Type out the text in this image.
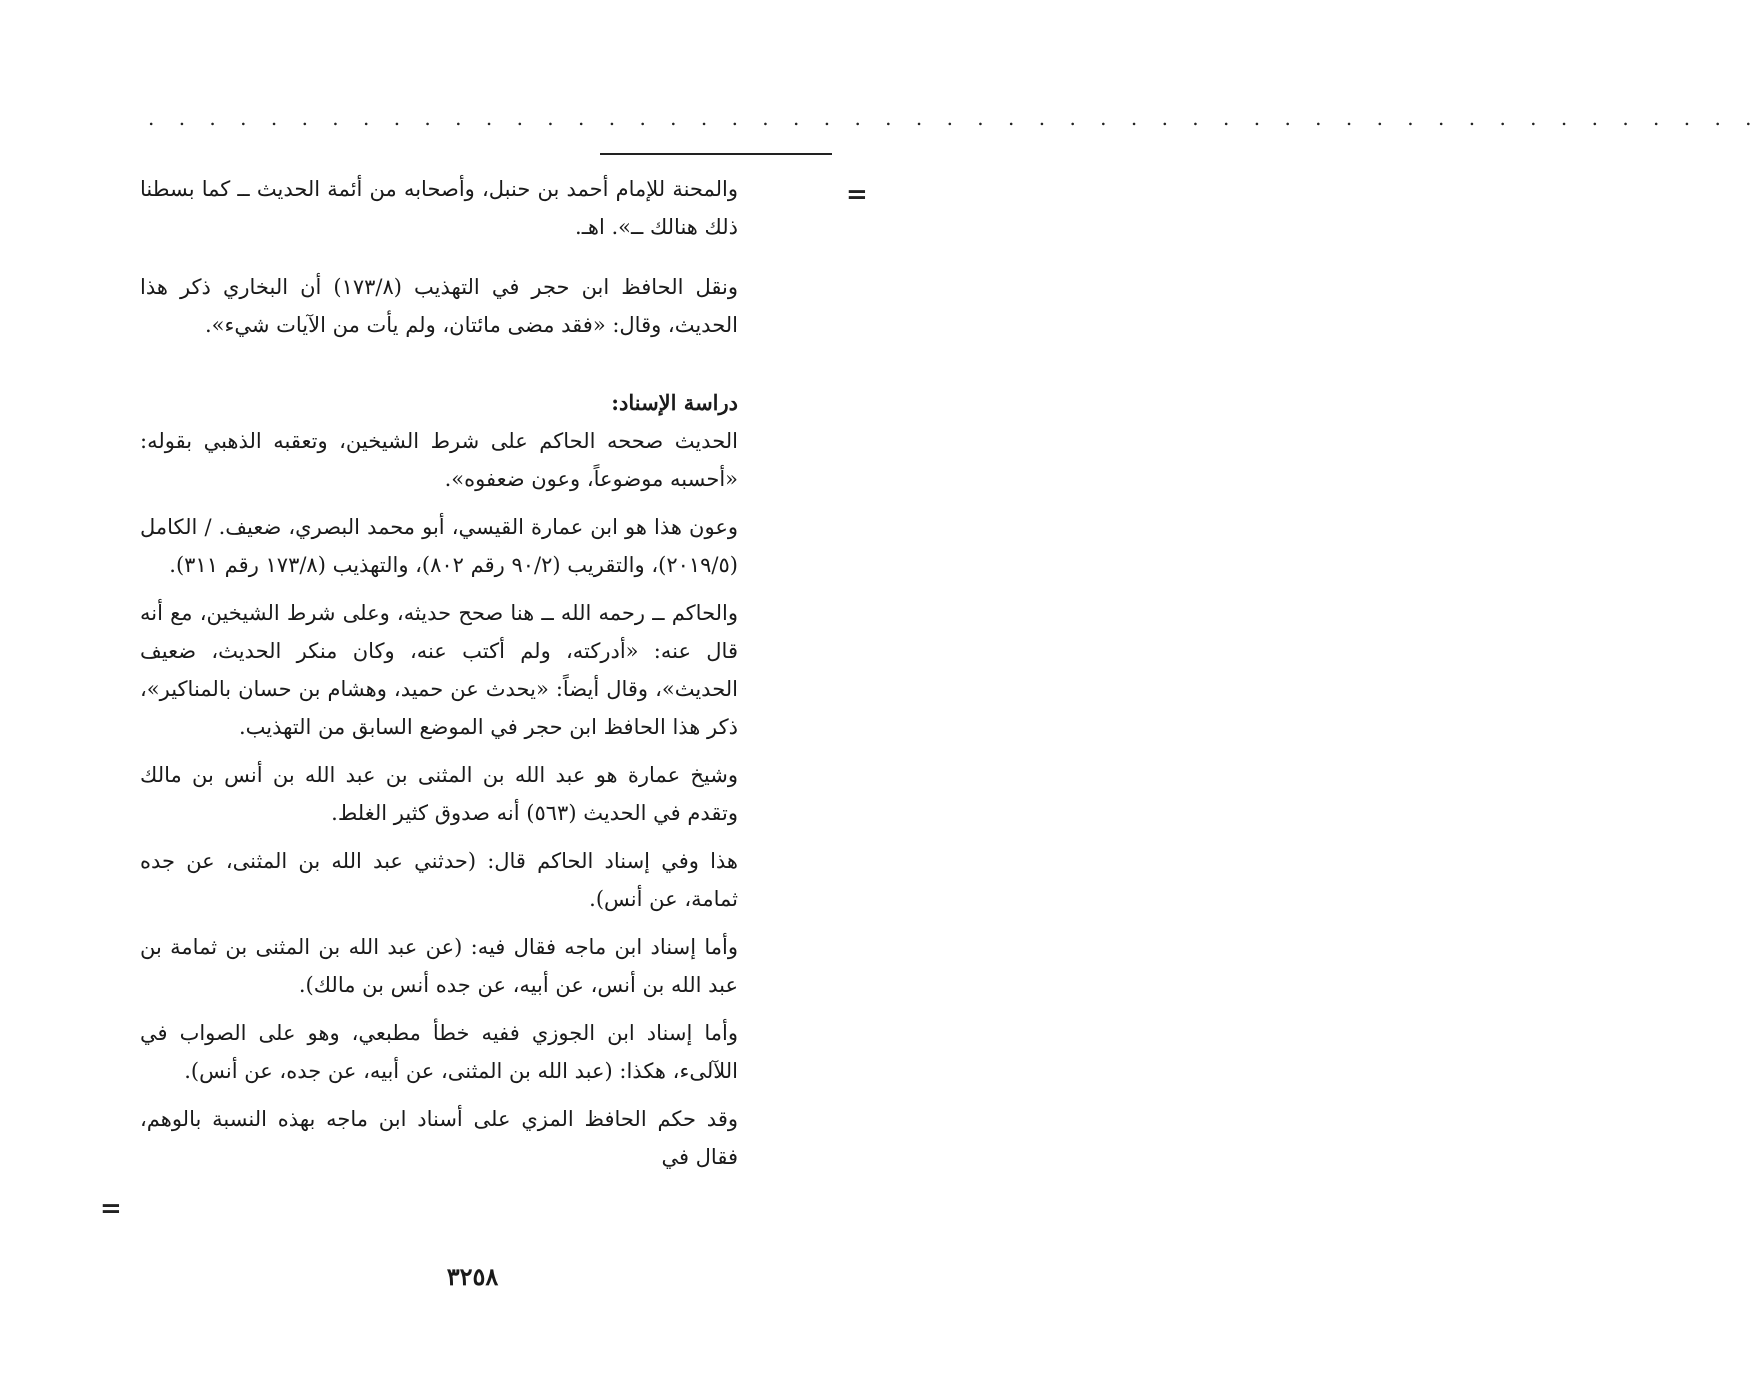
. . . . . . . . . . . . . . . . . . . . . . . . . . . . . . . . . . . . . . . . . . . . . . . . . . . . .
=

والمحنة للإمام أحمد بن حنبل، وأصحابه من أئمة الحديث ــ كما بسطنا ذلك هنالك ــ». اهـ.

ونقل الحافظ ابن حجر في التهذيب (١٧٣/٨) أن البخاري ذكر هذا الحديث، وقال: «فقد مضى مائتان، ولم يأت من الآيات شيء».

دراسة الإسناد:

الحديث صححه الحاكم على شرط الشيخين، وتعقبه الذهبي بقوله: «أحسبه موضوعاً، وعون ضعفوه».

وعون هذا هو ابن عمارة القيسي، أبو محمد البصري، ضعيف. / الكامل (٢٠١٩/٥)، والتقريب (٩٠/٢ رقم ٨٠٢)، والتهذيب (١٧٣/٨ رقم ٣١١).

والحاكم ــ رحمه الله ــ هنا صحح حديثه، وعلى شرط الشيخين، مع أنه قال عنه: «أدركته، ولم أكتب عنه، وكان منكر الحديث، ضعيف الحديث»، وقال أيضاً: «يحدث عن حميد، وهشام بن حسان بالمناكير»، ذكر هذا الحافظ ابن حجر في الموضع السابق من التهذيب.

وشيخ عمارة هو عبد الله بن المثنى بن عبد الله بن أنس بن مالك وتقدم في الحديث (٥٦٣) أنه صدوق كثير الغلط.

هذا وفي إسناد الحاكم قال: (حدثني عبد الله بن المثنى، عن جده ثمامة، عن أنس).

وأما إسناد ابن ماجه فقال فيه: (عن عبد الله بن المثنى بن ثمامة بن عبد الله بن أنس، عن أبيه، عن جده أنس بن مالك).

وأما إسناد ابن الجوزي ففيه خطأ مطبعي، وهو على الصواب في اللآلىء، هكذا: (عبد الله بن المثنى، عن أبيه، عن جده، عن أنس).

وقد حكم الحافظ المزي على أسناد ابن ماجه بهذه النسبة بالوهم، فقال في

=
٣٢٥٨
